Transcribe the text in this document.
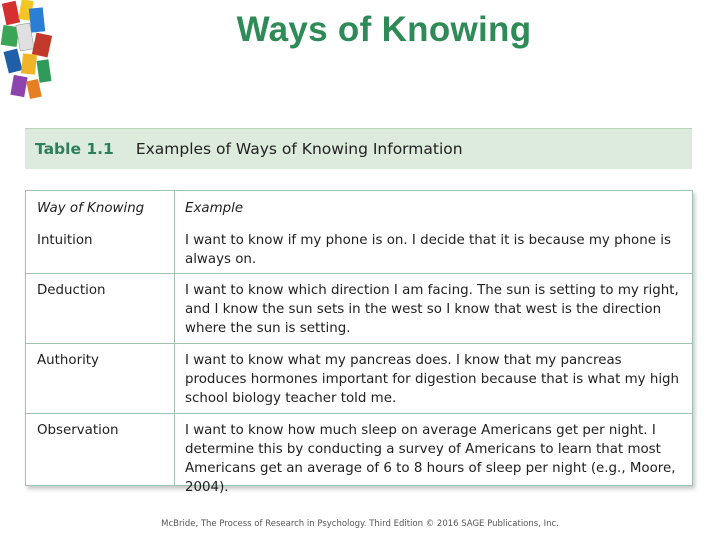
Ways of Knowing
Table 1.1 Examples of Ways of Knowing Information
Way of Knowing	Example
Intuition	I want to know if my phone is on. I decide that it is because my phone is always on.
Deduction	I want to know which direction I am facing. The sun is setting to my right, and I know the sun sets in the west so I know that west is the direction where the sun is setting.
Authority	I want to know what my pancreas does. I know that my pancreas produces hormones important for digestion because that is what my high school biology teacher told me.
Observation	I want to know how much sleep on average Americans get per night. I determine this by conducting a survey of Americans to learn that most Americans get an average of 6 to 8 hours of sleep per night (e.g., Moore, 2004).
McBride, The Process of Research in Psychology. Third Edition © 2016 SAGE Publications, Inc.
